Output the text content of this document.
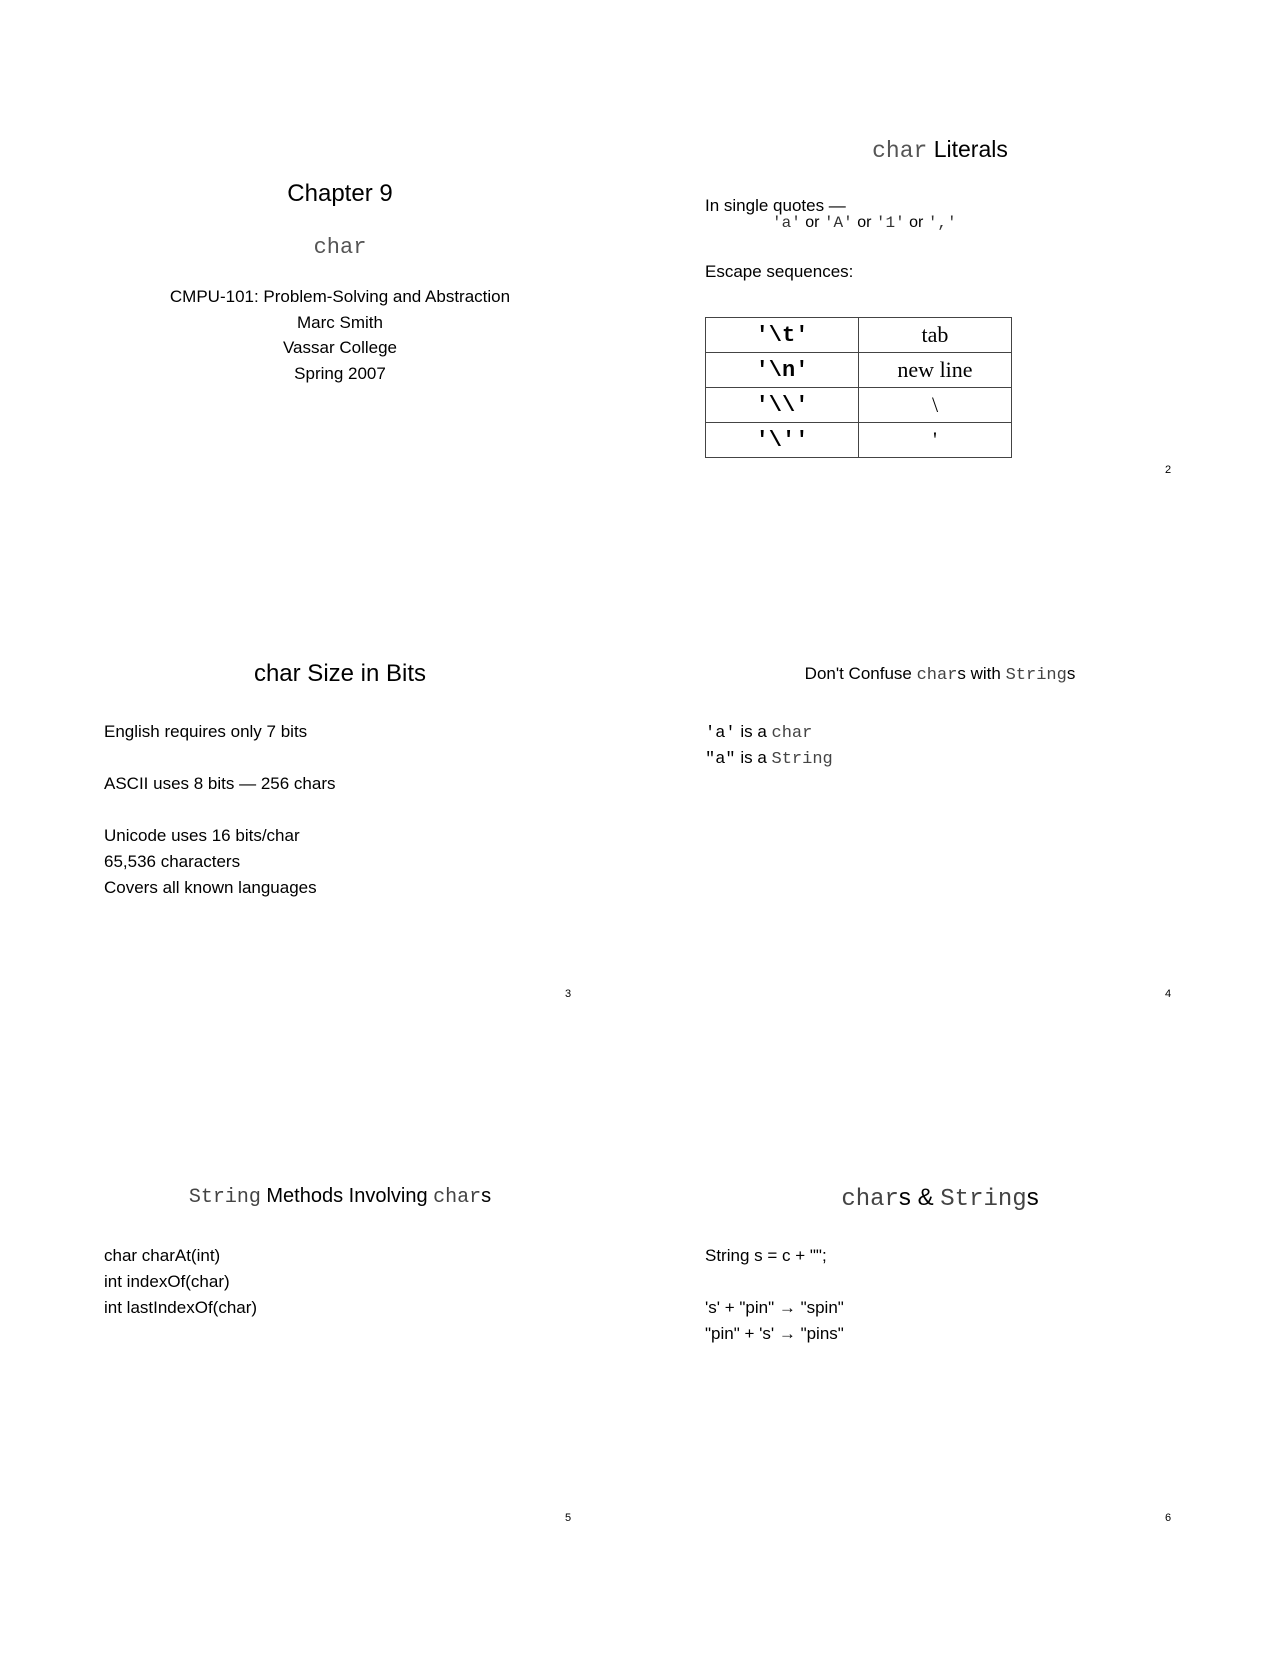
Chapter 9
char
CMPU-101: Problem-Solving and Abstraction
Marc Smith
Vassar College
Spring 2007
char Literals
In single quotes —
'a' or 'A' or '1' or ','
Escape sequences:
'\t'	tab
'\n'	new line
'\\'	\
'\''	'
2
char Size in Bits
English requires only 7 bits

ASCII uses 8 bits — 256 chars

Unicode uses 16 bits/char
65,536 characters
Covers all known languages
3
Don't Confuse chars with Strings
'a' is a char
"a" is a String
4
String Methods Involving chars
char charAt(int)
int indexOf(char)
int lastIndexOf(char)
5
chars & Strings
String s = c + "";

's' + "pin" → "spin"
"pin" + 's' → "pins"
6
